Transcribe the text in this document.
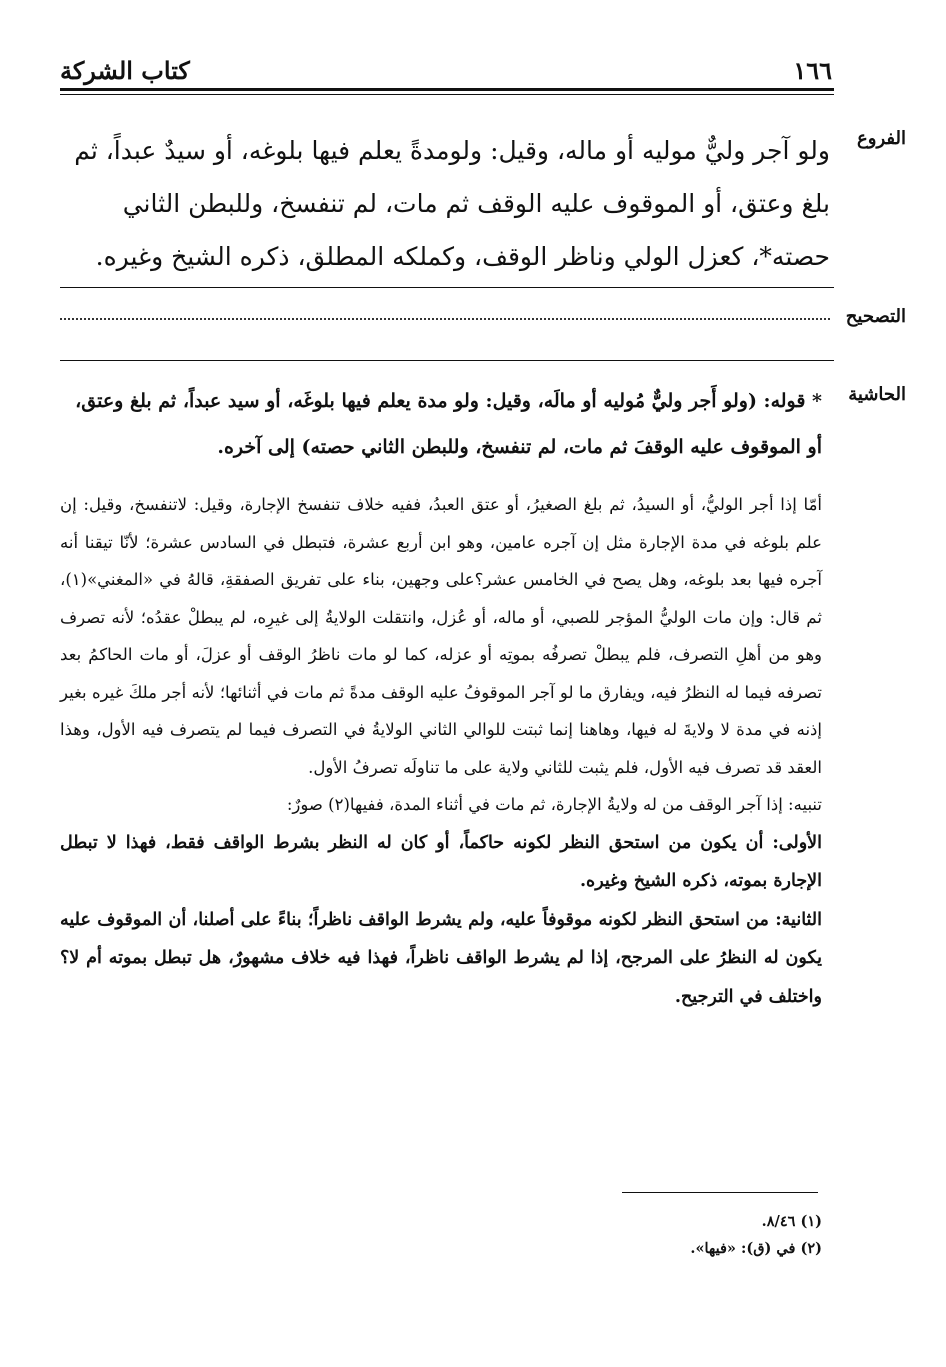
كتاب الشركة	١٦٦
الفروع
ولو آجر وليٌّ موليه أو ماله، وقيل: ولومدةً يعلم فيها بلوغه، أو سيدٌ عبداً، ثم بلغ وعتق، أو الموقوف عليه الوقف ثم مات، لم تنفسخ، وللبطن الثاني حصته*، كعزل الولي وناظر الوقف، وكملكه المطلق، ذكره الشيخ وغيره.
التصحيح
الحاشية
* قوله: (ولو أَجر وليٌّ مُوليه أو مالَه، وقيل: ولو مدة يعلم فيها بلوغَه، أو سيد عبداً، ثم بلغ وعتق، أو الموقوف عليه الوقفَ ثم مات، لم تنفسخ، وللبطن الثاني حصته) إلى آخره.

أمّا إذا أجر الوليُّ، أو السيدُ، ثم بلغ الصغيرُ، أو عتق العبدُ، ففيه خلاف تنفسخ الإجارة، وقيل: لاتنفسخ، وقيل: إن علم بلوغه في مدة الإجارة مثل إن آجره عامين، وهو ابن أربع عشرة، فتبطل في السادس عشرة؛ لأنّا تيقنا أنه آجره فيها بعد بلوغه، وهل يصح في الخامس عشر؟على وجهين، بناء على تفريق الصفقةِ، قالهُ في «المغني»(١)، ثم قال: وإن مات الوليُّ المؤجر للصبي، أو ماله، أو عُزل، وانتقلت الولايةُ إلى غيرِه، لم يبطلْ عقدُه؛ لأنه تصرف وهو من أهلِ التصرف، فلم يبطلْ تصرفُه بموتِه أو عزله، كما لو مات ناظرُ الوقف أو عزلَ، أو مات الحاكمُ بعد تصرفه فيما له النظرُ فيه، ويفارق ما لو آجر الموقوفُ عليه الوقف مدةً ثم مات في أثنائها؛ لأنه أجر ملكَ غيره بغير إذنه في مدة لا ولايةَ له فيها، وهاهنا إنما ثبتت للوالي الثاني الولايةُ في التصرف فيما لم يتصرف فيه الأول، وهذا العقد قد تصرف فيه الأول، فلم يثبت للثاني ولاية على ما تناولَه تصرفُ الأول.

تنبيه: إذا آجر الوقف من له ولايةُ الإجارة، ثم مات في أثناء المدة، ففيها(٢) صورٌ:

الأولى: أن يكون من استحق النظر لكونه حاكماً، أو كان له النظر بشرط الواقف فقط، فهذا لا تبطل الإجارة بموته، ذكره الشيخ وغيره.

الثانية: من استحق النظر لكونه موقوفاً عليه، ولم يشرط الواقف ناظراً؛ بناءً على أصلنا، أن الموقوف عليه يكون له النظرُ على المرجح، إذا لم يشرط الواقف ناظراً، فهذا فيه خلاف مشهورٌ، هل تبطل بموته أم لا؟ واختلف في الترجيح.

(١) ٨/٤٦.
(٢) في (ق): «فيها».
